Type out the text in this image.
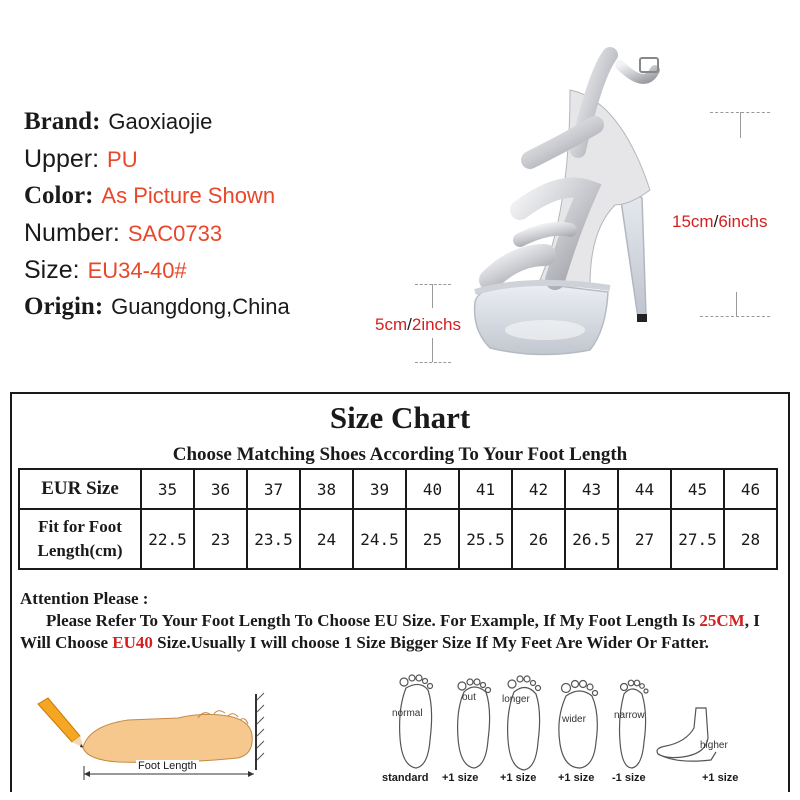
Brand: Gaoxiaojie
Upper: PU
Color: As Picture Shown
Number: SAC0733
Size: EU34-40#
Origin: Guangdong,China
15cm/6inchs
5cm/2inchs
Size Chart
Choose Matching Shoes According To Your Foot Length
EUR Size	35	36	37	38	39	40	41	42	43	44	45	46

Fit for Foot
Length(cm)	22.5	23	23.5	24	24.5	25	25.5	26	26.5	27	27.5	28

Attention Please :

Please Refer To Your Foot Length To Choose EU Size. For Example, If My Foot Length Is 25CM, I Will Choose EU40 Size.Usually I will choose 1 Size Bigger Size If My Feet Are Wider Or Fatter.

Foot Length
normal
out	longer
wider	narrow
higher
standard +1 size +1 size +1 size -1 size	+1 size
